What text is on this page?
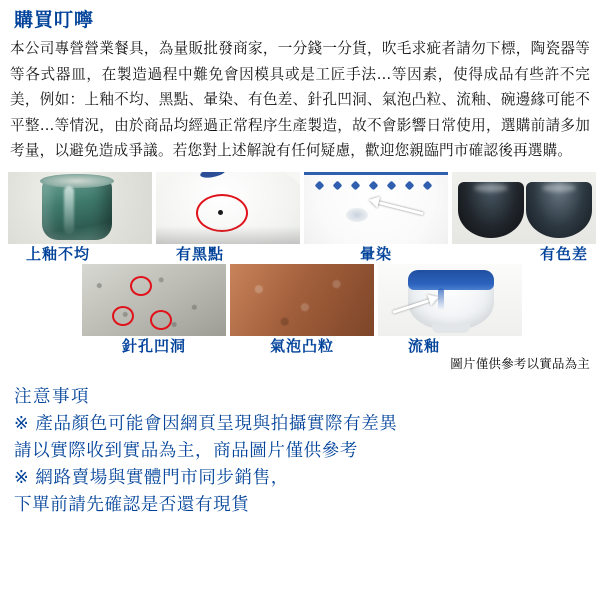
購買叮嚀

本公司專營營業餐具，為量販批發商家，一分錢一分貨，吹毛求疵者請勿下標，陶瓷器等等各式器皿，在製造過程中難免會因模具或是工匠手法…等因素，使得成品有些許不完美，例如：上釉不均、黑點、暈染、有色差、針孔凹洞、氣泡凸粒、流釉、碗邊緣可能不平整…等情況，由於商品均經過正常程序生產製造，故不會影響日常使用，選購前請多加考量，以避免造成爭議。若您對上述解說有任何疑慮，歡迎您親臨門市確認後再選購。

上釉不均	有黑點	暈染	有色差
針孔凹洞	氣泡凸粒	流釉
圖片僅供參考以實品為主
注意事項
※ 產品顏色可能會因網頁呈現與拍攝實際有差異
請以實際收到實品為主，商品圖片僅供參考
※ 網路賣場與實體門市同步銷售，
下單前請先確認是否還有現貨
